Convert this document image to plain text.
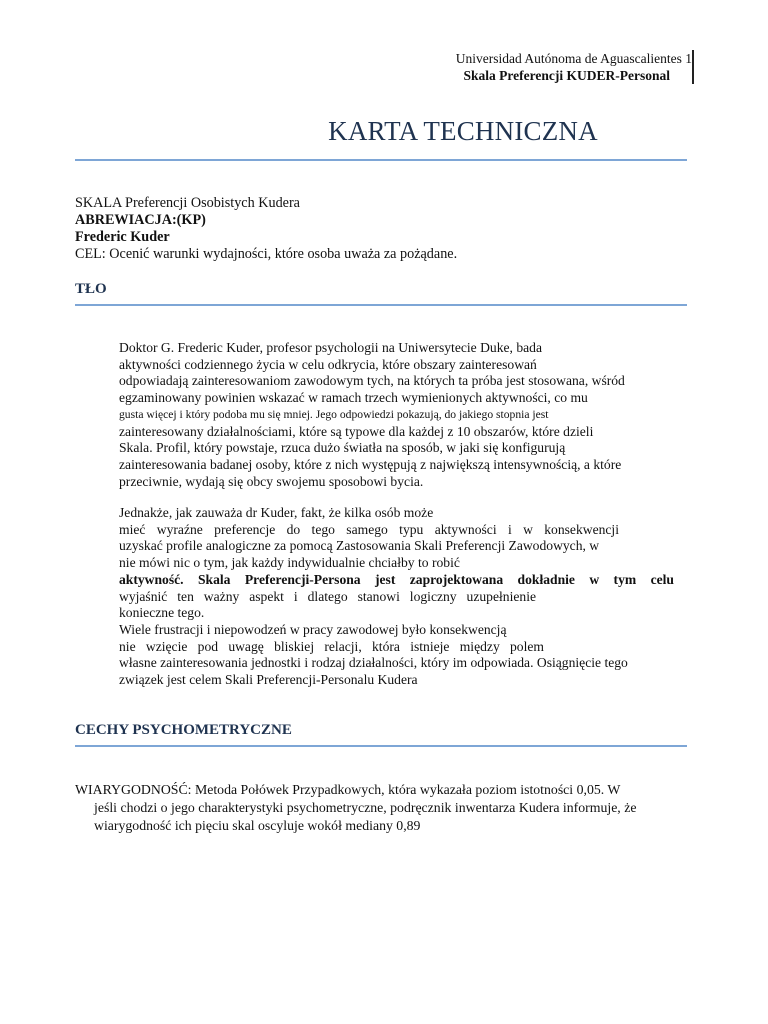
Universidad Autónoma de Aguascalientes 1
Skala Preferencji KUDER-Personal
KARTA TECHNICZNA

SKALA Preferencji Osobistych Kudera

ABREWIACJA:(KP)

Frederic Kuder

CEL: Ocenić warunki wydajności, które osoba uważa za pożądane.

TŁO
Doktor G. Frederic Kuder, profesor psychologii na Uniwersytecie Duke, bada
aktywności codziennego życia w celu odkrycia, które obszary zainteresowań
odpowiadają zainteresowaniom zawodowym tych, na których ta próba jest stosowana, wśród
egzaminowany powinien wskazać w ramach trzech wymienionych aktywności, co mu
gusta więcej i który podoba mu się mniej. Jego odpowiedzi pokazują, do jakiego stopnia jest
zainteresowany działalnościami, które są typowe dla każdej z 10 obszarów, które dzieli
Skala. Profil, który powstaje, rzuca dużo światła na sposób, w jaki się konfigurują
zainteresowania badanej osoby, które z nich występują z największą intensywnością, a które
przeciwnie, wydają się obcy swojemu sposobowi bycia.
Jednakże, jak zauważa dr Kuder, fakt, że kilka osób może
mieć wyraźne preferencje do tego samego typu aktywności i w konsekwencji
uzyskać profile analogiczne za pomocą Zastosowania Skali Preferencji Zawodowych, w
nie mówi nic o tym, jak każdy indywidualnie chciałby to robić
aktywność. Skala Preferencji-Persona jest zaprojektowana dokładnie w tym celu
wyjaśnić ten ważny aspekt i dlatego stanowi logiczny uzupełnienie
konieczne tego.
Wiele frustracji i niepowodzeń w pracy zawodowej było konsekwencją
nie wzięcie pod uwagę bliskiej relacji, która istnieje między polem
własne zainteresowania jednostki i rodzaj działalności, który im odpowiada. Osiągnięcie tego
związek jest celem Skali Preferencji-Personalu Kudera
CECHY PSYCHOMETRYCZNE
WIARYGODNOŚĆ: Metoda Połówek Przypadkowych, która wykazała poziom istotności 0,05. W
jeśli chodzi o jego charakterystyki psychometryczne, podręcznik inwentarza Kudera informuje, że
wiarygodność ich pięciu skal oscyluje wokół mediany 0,89
